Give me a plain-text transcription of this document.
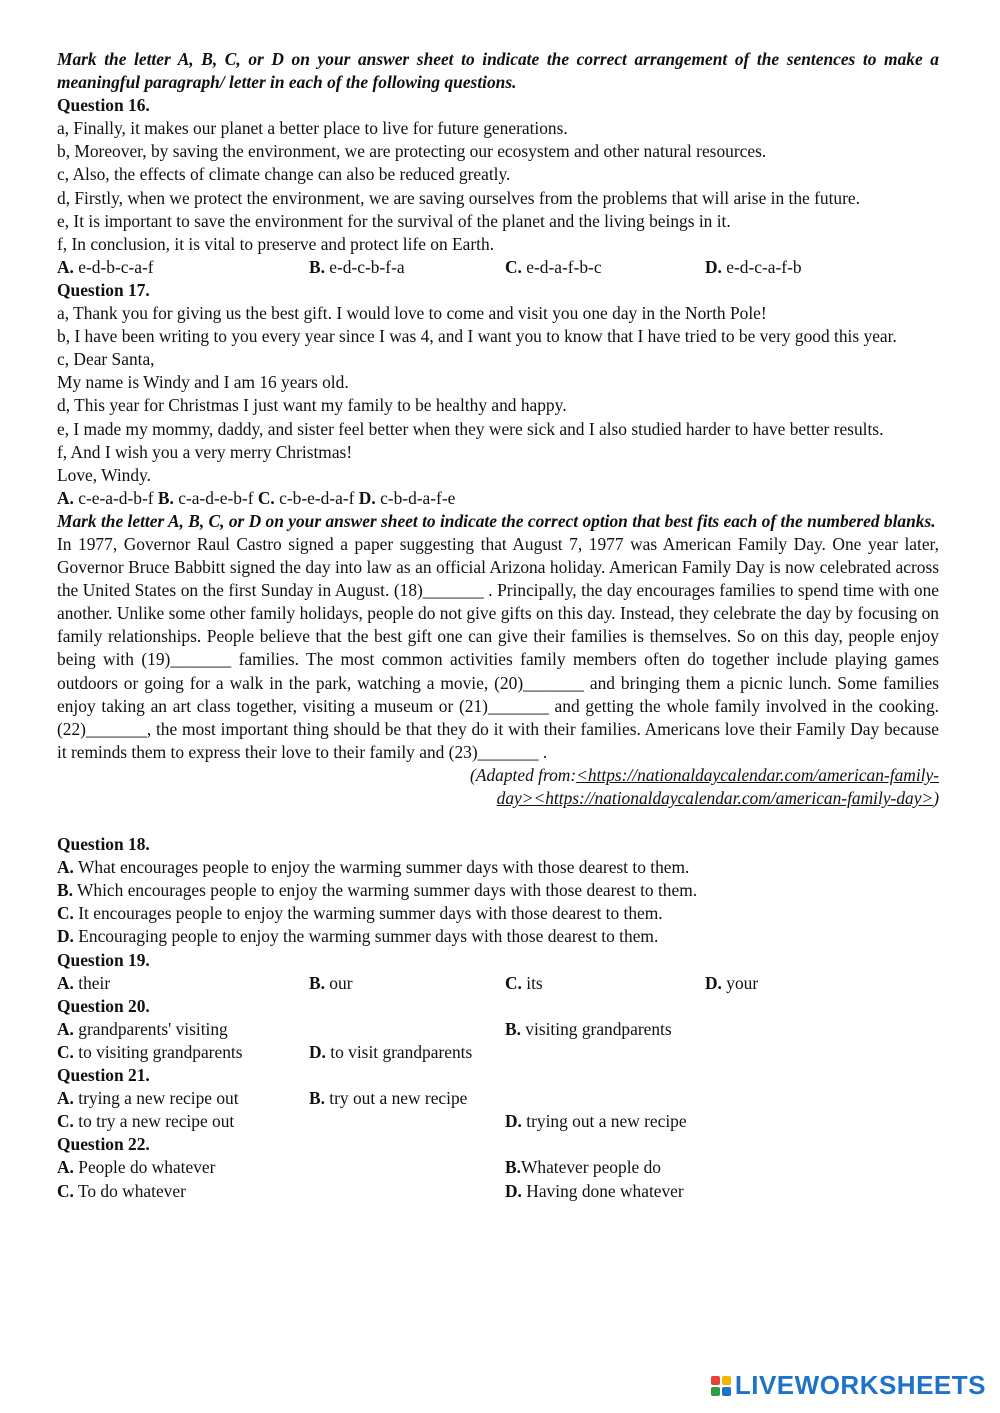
Mark the letter A, B, C, or D on your answer sheet to indicate the correct arrangement of the sentences to make a meaningful paragraph/ letter in each of the following questions.
Question 16.
a, Finally, it makes our planet a better place to live for future generations.
b, Moreover, by saving the environment, we are protecting our ecosystem and other natural resources.
c, Also, the effects of climate change can also be reduced greatly.
d, Firstly, when we protect the environment, we are saving ourselves from the problems that will arise in the future.
e, It is important to save the environment for the survival of the planet and the living beings in it.
f, In conclusion, it is vital to preserve and protect life on Earth.
A. e-d-b-c-a-f	B. e-d-c-b-f-a	C. e-d-a-f-b-c	D. e-d-c-a-f-b
Question 17.
a, Thank you for giving us the best gift. I would love to come and visit you one day in the North Pole!
b, I have been writing to you every year since I was 4, and I want you to know that I have tried to be very good this year.
c, Dear Santa,
My name is Windy and I am 16 years old.
d, This year for Christmas I just want my family to be healthy and happy.
e, I made my mommy, daddy, and sister feel better when they were sick and I also studied harder to have better results.
f, And I wish you a very merry Christmas!
Love, Windy.
A. c-e-a-d-b-f B. c-a-d-e-b-f C. c-b-e-d-a-f D. c-b-d-a-f-e
Mark the letter A, B, C, or D on your answer sheet to indicate the correct option that best fits each of the numbered blanks.
In 1977, Governor Raul Castro signed a paper suggesting that August 7, 1977 was American Family Day. One year later, Governor Bruce Babbitt signed the day into law as an official Arizona holiday. American Family Day is now celebrated across the United States on the first Sunday in August. (18)_______ . Principally, the day encourages families to spend time with one another. Unlike some other family holidays, people do not give gifts on this day. Instead, they celebrate the day by focusing on family relationships. People believe that the best gift one can give their families is themselves. So on this day, people enjoy being with (19)_______ families. The most common activities family members often do together include playing games outdoors or going for a walk in the park, watching a movie, (20)_______ and bringing them a picnic lunch. Some families enjoy taking an art class together, visiting a museum or (21)_______ and getting the whole family involved in the cooking. (22)_______, the most important thing should be that they do it with their families. Americans love their Family Day because it reminds them to express their love to their family and (23)_______ .
(Adapted from:<https://nationaldaycalendar.com/american-family-
day><https://nationaldaycalendar.com/american-family-day>)
Question 18.
A. What encourages people to enjoy the warming summer days with those dearest to them.
B. Which encourages people to enjoy the warming summer days with those dearest to them.
C. It encourages people to enjoy the warming summer days with those dearest to them.
D. Encouraging people to enjoy the warming summer days with those dearest to them.
Question 19.
A. their	B. our	C. its	D. your
Question 20.
A. grandparents' visiting	B. visiting grandparents
C. to visiting grandparents	D. to visit grandparents
Question 21.
A. trying a new recipe out	B. try out a new recipe
C. to try a new recipe out	D. trying out a new recipe
Question 22.
A. People do whatever	B.Whatever people do
C. To do whatever	D. Having done whatever
LIVEWORKSHEETS
